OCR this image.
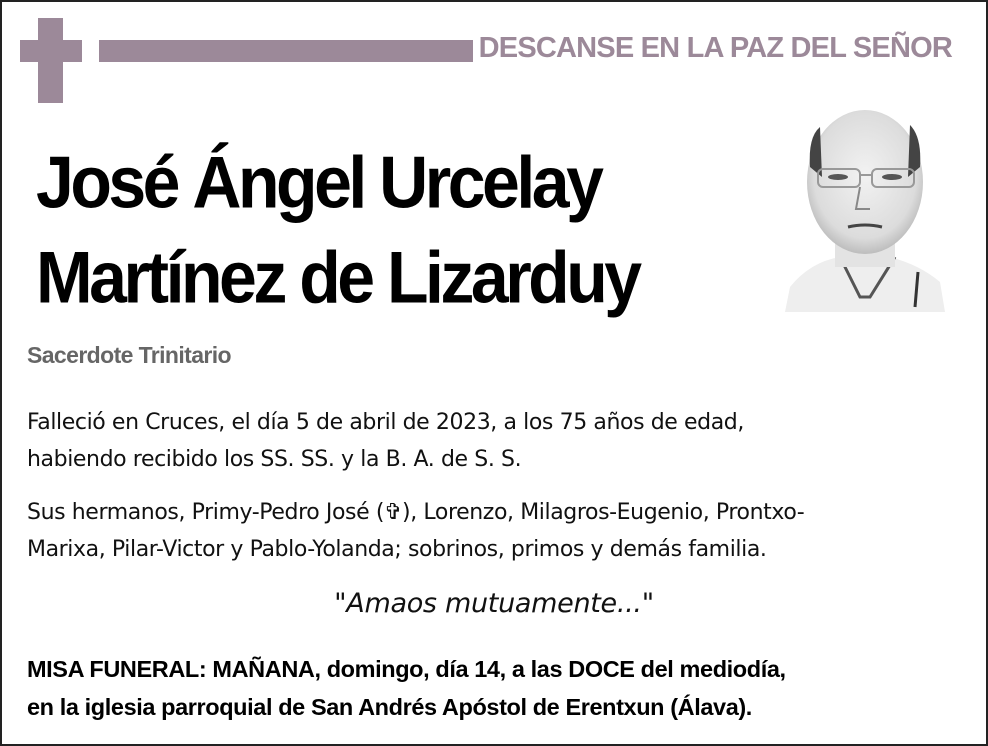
DESCANSE EN LA PAZ DEL SEÑOR
José Ángel Urcelay
Martínez de Lizarduy
Sacerdote Trinitario
Falleció en Cruces, el día 5 de abril de 2023, a los 75 años de edad,
habiendo recibido los SS. SS. y la B. A. de S. S.
Sus hermanos, Primy-Pedro José (✞), Lorenzo, Milagros-Eugenio, Prontxo-
Marixa, Pilar-Victor y Pablo-Yolanda; sobrinos, primos y demás familia.
"Amaos mutuamente..."
MISA FUNERAL: MAÑANA, domingo, día 14, a las DOCE del mediodía,
en la iglesia parroquial de San Andrés Apóstol de Erentxun (Álava).
